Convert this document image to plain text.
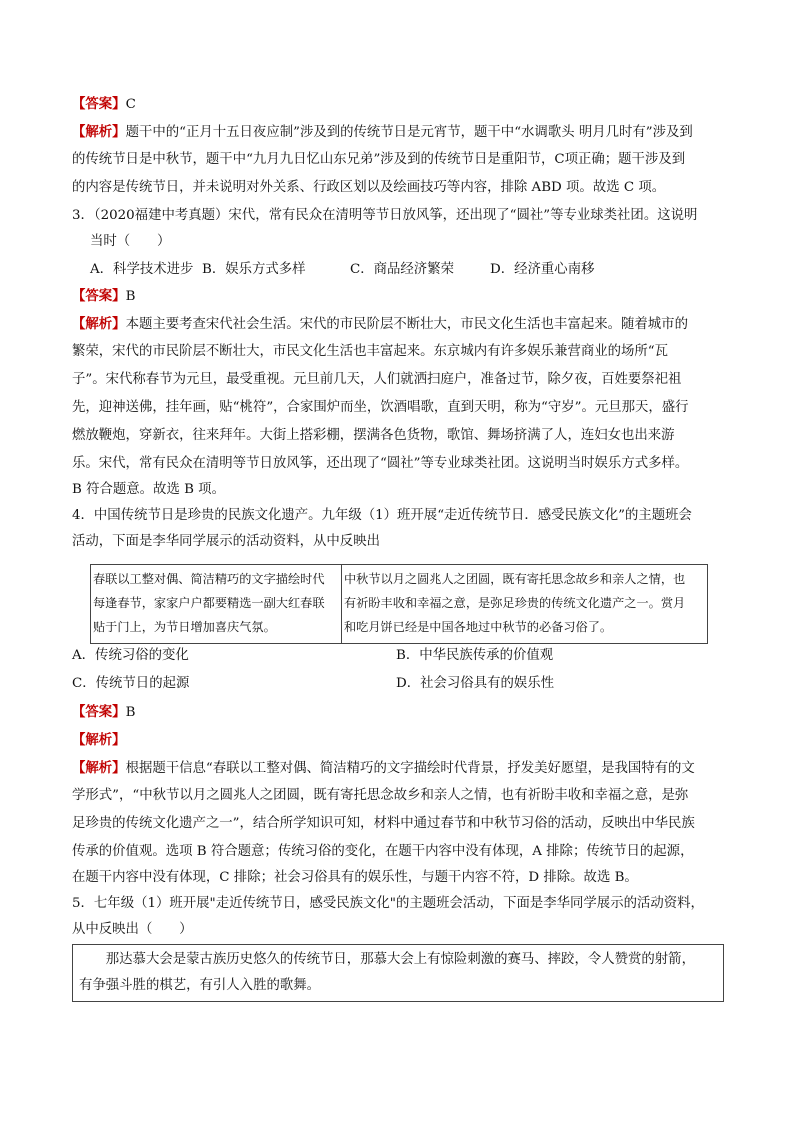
【答案】C
【解析】题干中的“正月十五日夜应制”涉及到的传统节日是元宵节，题干中“水调歌头 明月几时有”涉及到
的传统节日是中秋节，题干中“九月九日忆山东兄弟”涉及到的传统节日是重阳节，C项正确；题干涉及到
的内容是传统节日，并未说明对外关系、行政区划以及绘画技巧等内容，排除 ABD 项。故选 C 项。
3．（2020福建中考真题）宋代，常有民众在清明等节日放风筝，还出现了“圆社”等专业球类社团。这说明
当时（　　）
A．科学技术进步 B．娱乐方式多样	C．商品经济繁荣	D．经济重心南移
【答案】B
【解析】本题主要考查宋代社会生活。宋代的市民阶层不断壮大，市民文化生活也丰富起来。随着城市的
繁荣，宋代的市民阶层不断壮大，市民文化生活也丰富起来。东京城内有许多娱乐兼营商业的场所“瓦
子”。宋代称春节为元旦，最受重视。元旦前几天，人们就洒扫庭户，准备过节，除夕夜，百姓要祭祀祖
先，迎神送佛，挂年画，贴“桃符”，合家围炉而坐，饮酒唱歌，直到天明，称为“守岁”。元旦那天，盛行
燃放鞭炮，穿新衣，往来拜年。大街上搭彩棚，摆满各色货物，歌馆、舞场挤满了人，连妇女也出来游
乐。宋代，常有民众在清明等节日放风筝，还出现了“圆社”等专业球类社团。这说明当时娱乐方式多样。
B 符合题意。故选 B 项。
4．中国传统节日是珍贵的民族文化遗产。九年级（1）班开展“走近传统节日．感受民族文化”的主题班会
活动，下面是李华同学展示的活动资料，从中反映出
春联以工整对偶、简洁精巧的文字描绘时代
每逢春节，家家户户都要精选一副大红春联
贴于门上，为节日增加喜庆气氛。

中秋节以月之圆兆人之团圆，既有寄托思念故乡和亲人之情，也
有祈盼丰收和幸福之意，是弥足珍贵的传统文化遗产之一。赏月
和吃月饼已经是中国各地过中秋节的必备习俗了。
A．传统习俗的变化	B．中华民族传承的价值观
C．传统节日的起源	D．社会习俗具有的娱乐性
【答案】B
【解析】
【解析】根据题干信息“春联以工整对偶、简洁精巧的文字描绘时代背景，抒发美好愿望，是我国特有的文
学形式”，“中秋节以月之圆兆人之团圆，既有寄托思念故乡和亲人之情，也有祈盼丰收和幸福之意，是弥
足珍贵的传统文化遗产之一”，结合所学知识可知，材料中通过春节和中秋节习俗的活动，反映出中华民族
传承的价值观。选项 B 符合题意；传统习俗的变化，在题干内容中没有体现，A 排除；传统节日的起源，
在题干内容中没有体现，C 排除；社会习俗具有的娱乐性，与题干内容不符，D 排除。故选 B。
5．七年级（1）班开展"走近传统节日，感受民族文化"的主题班会活动，下面是李华同学展示的活动资料，
从中反映出（　　）
　　那达慕大会是蒙古族历史悠久的传统节日，那慕大会上有惊险刺激的赛马、摔跤，令人赞赏的射箭，
有争强斗胜的棋艺，有引人入胜的歌舞。
